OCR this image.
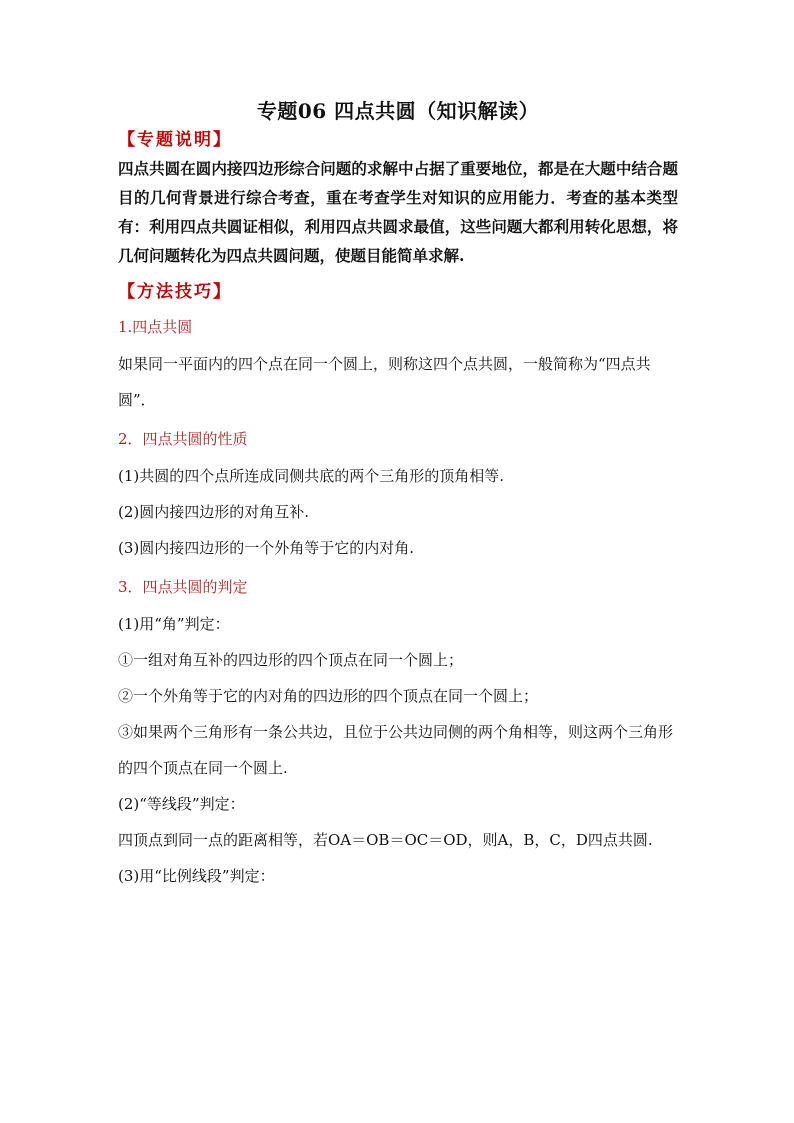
专题06 四点共圆（知识解读）
【专题说明】
四点共圆在圆内接四边形综合问题的求解中占据了重要地位，都是在大题中结合题目的几何背景进行综合考查，重在考查学生对知识的应用能力．考查的基本类型有：利用四点共圆证相似，利用四点共圆求最值，这些问题大都利用转化思想，将几何问题转化为四点共圆问题，使题目能简单求解.
【方法技巧】
1.四点共圆
如果同一平面内的四个点在同一个圆上，则称这四个点共圆，一般简称为“四点共圆”．
2．四点共圆的性质
(1)共圆的四个点所连成同侧共底的两个三角形的顶角相等.
(2)圆内接四边形的对角互补.
(3)圆内接四边形的一个外角等于它的内对角.
3．四点共圆的判定
(1)用“角”判定：
①一组对角互补的四边形的四个顶点在同一个圆上；
②一个外角等于它的内对角的四边形的四个顶点在同一个圆上；
③如果两个三角形有一条公共边，且位于公共边同侧的两个角相等，则这两个三角形的四个顶点在同一个圆上.
(2)“等线段”判定：
四顶点到同一点的距离相等，若OA＝OB＝OC＝OD，则A，B，C，D四点共圆.
(3)用“比例线段”判定：
